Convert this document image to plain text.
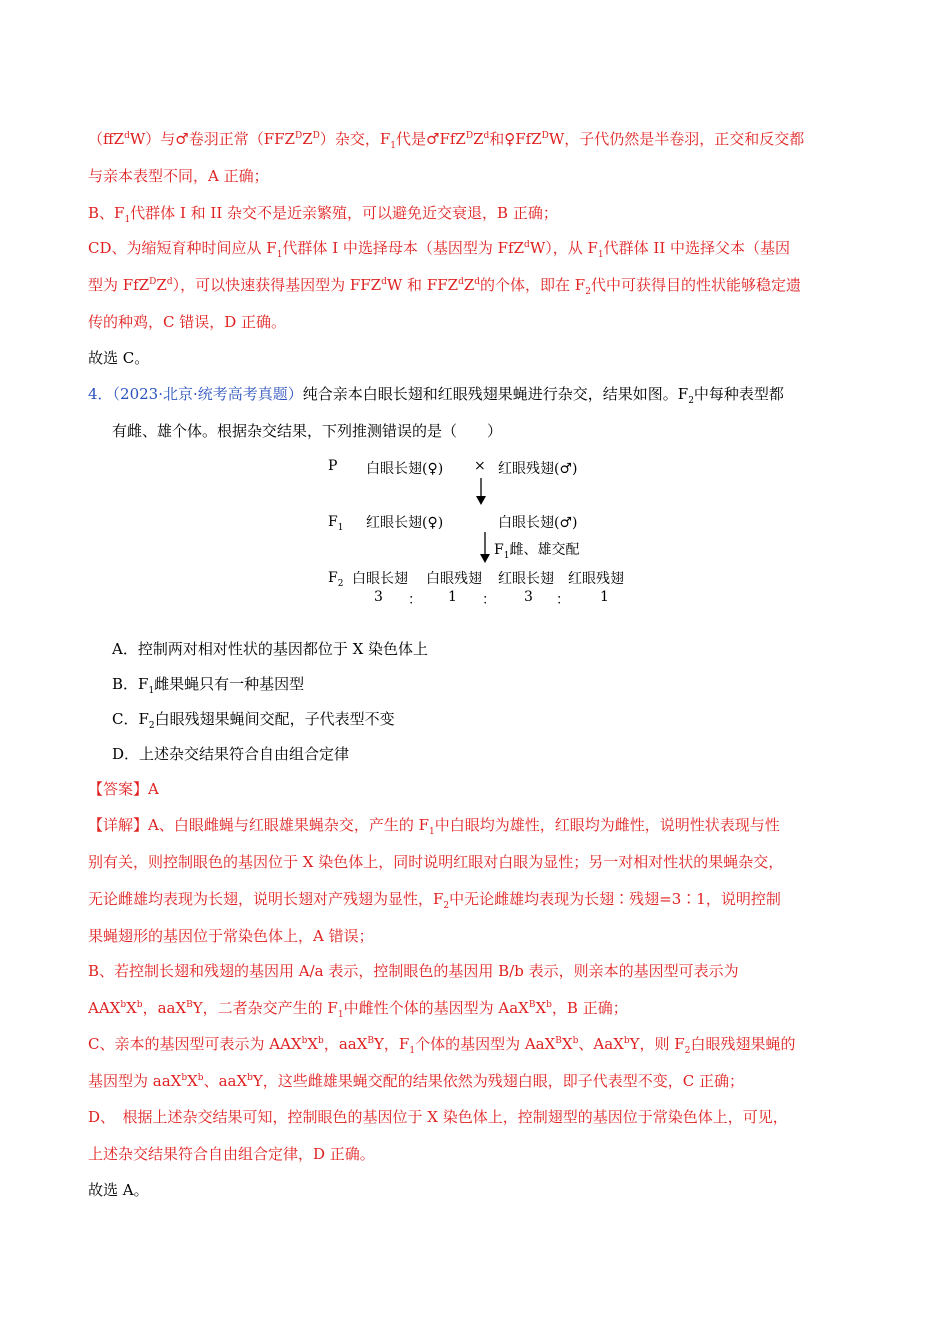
（ffZ$^d$W）与♂卷羽正常$(FFZ^DZ^D)$杂交，$F_1$代是$♂FfZ^DZ^d$和♀FfZ$^D$W，子代仍然是半卷羽，正交和反交都
与亲本表型不同，A 正确；
B、$F_1$代群体 I 和 II 杂交不是近亲繁殖，可以避免近交衰退，B 正确；
CD、为缩短育种时间应从 $F_1$代群体 I 中选择母本（基因型为 FfZ$^d$W），从 $F_1$代群体 II 中选择父本（基因
型为 $FfZ^DZ^d$），可以快速获得基因型为 FFZ$^d$W 和 $FFZ^dZ^d$的个体，即在 $F_2$代中可获得目的性状能够稳定遗
传的种鸡，C 错误，D 正确。
故选 C。
4．（2023·北京·统考高考真题）纯合亲本白眼长翅和红眼残翅果蝇进行杂交，结果如图。$F_2$中每种表型都
有雌、雄个体。根据杂交结果，下列推测错误的是（　　）
P 白眼长翅(♀) × 红眼残翅(♂)
$F_1$ 红眼长翅(♀)	白眼长翅(♂)
$F_1$雌、雄交配
$F_2$ 白眼长翅 白眼残翅 红眼长翅 红眼残翅
3 ： 1 ： 3 ： 1
A．控制两对相对性状的基因都位于 X 染色体上
B．$F_1$雌果蝇只有一种基因型
C．$F_2$白眼残翅果蝇间交配，子代表型不变
D．上述杂交结果符合自由组合定律
【答案】A
【详解】A、白眼雌蝇与红眼雄果蝇杂交，产生的 $F_1$中白眼均为雄性，红眼均为雌性，说明性状表现与性
别有关，则控制眼色的基因位于 X 染色体上，同时说明红眼对白眼为显性；另一对相对性状的果蝇杂交，
无论雌雄均表现为长翅，说明长翅对产残翅为显性，$F_2$中无论雌雄均表现为长翅∶残翅=3∶1，说明控制
果蝇翅形的基因位于常染色体上，A 错误；
B、若控制长翅和残翅的基因用 A/a 表示，控制眼色的基因用 B/b 表示，则亲本的基因型可表示为
$AAX^bX^b$，aaX$^B$Y，二者杂交产生的 $F_1$中雌性个体的基因型为 $AaX^BX^b$，B 正确；
C、亲本的基因型可表示为 $AAX^bX^b$，aaX$^B$Y，$F_1$个体的基因型为 $AaX^BX^b$、AaX$^b$Y，则 $F_2$白眼残翅果蝇的
基因型为 $aaX^bX^b$、aaX$^b$Y，这些雌雄果蝇交配的结果依然为残翅白眼，即子代表型不变，C 正确；
D、　根据上述杂交结果可知，控制眼色的基因位于 X 染色体上，控制翅型的基因位于常染色体上，可见，
上述杂交结果符合自由组合定律，D 正确。
故选 A。
